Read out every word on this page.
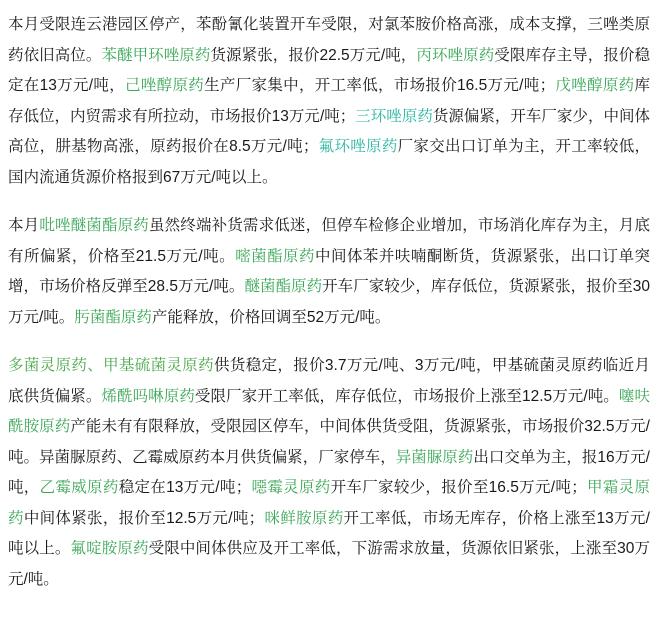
本月受限连云港园区停产，苯酚氰化装置开车受限，对氯苯胺价格高涨，成本支撑，三唑类原药依旧高位。苯醚甲环唑原药货源紧张，报价22.5万元/吨，丙环唑原药受限库存主导，报价稳定在13万元/吨，己唑醇原药生产厂家集中，开工率低，市场报价16.5万元/吨；戊唑醇原药库存低位，内贸需求有所拉动，市场报价13万元/吨；三环唑原药货源偏紧，开车厂家少，中间体高位，肼基物高涨，原药报价在8.5万元/吨；氟环唑原药厂家交出口订单为主，开工率较低，国内流通货源价格报到67万元/吨以上。

本月吡唑醚菌酯原药虽然终端补货需求低迷，但停车检修企业增加，市场消化库存为主，月底有所偏紧，价格至21.5万元/吨。嘧菌酯原药中间体苯并呋喃酮断货，货源紧张，出口订单突增，市场价格反弹至28.5万元/吨。醚菌酯原药开车厂家较少，库存低位，货源紧张，报价至30万元/吨。肟菌酯原药产能释放，价格回调至52万元/吨。

多菌灵原药、甲基硫菌灵原药供货稳定，报价3.7万元/吨、3万元/吨，甲基硫菌灵原药临近月底供货偏紧。烯酰吗啉原药受限厂家开工率低，库存低位，市场报价上涨至12.5万元/吨。噻呋酰胺原药产能未有有限释放，受限园区停车，中间体供货受阻，货源紧张，市场报价32.5万元/吨。异菌脲原药、乙霉威原药本月供货偏紧，厂家停车，异菌脲原药出口交单为主，报16万元/吨，乙霉威原药稳定在13万元/吨；噁霉灵原药开车厂家较少，报价至16.5万元/吨；甲霜灵原药中间体紧张，报价至12.5万元/吨；咪鲜胺原药开工率低，市场无库存，价格上涨至13万元/吨以上。氟啶胺原药受限中间体供应及开工率低，下游需求放量，货源依旧紧张，上涨至30万元/吨。
